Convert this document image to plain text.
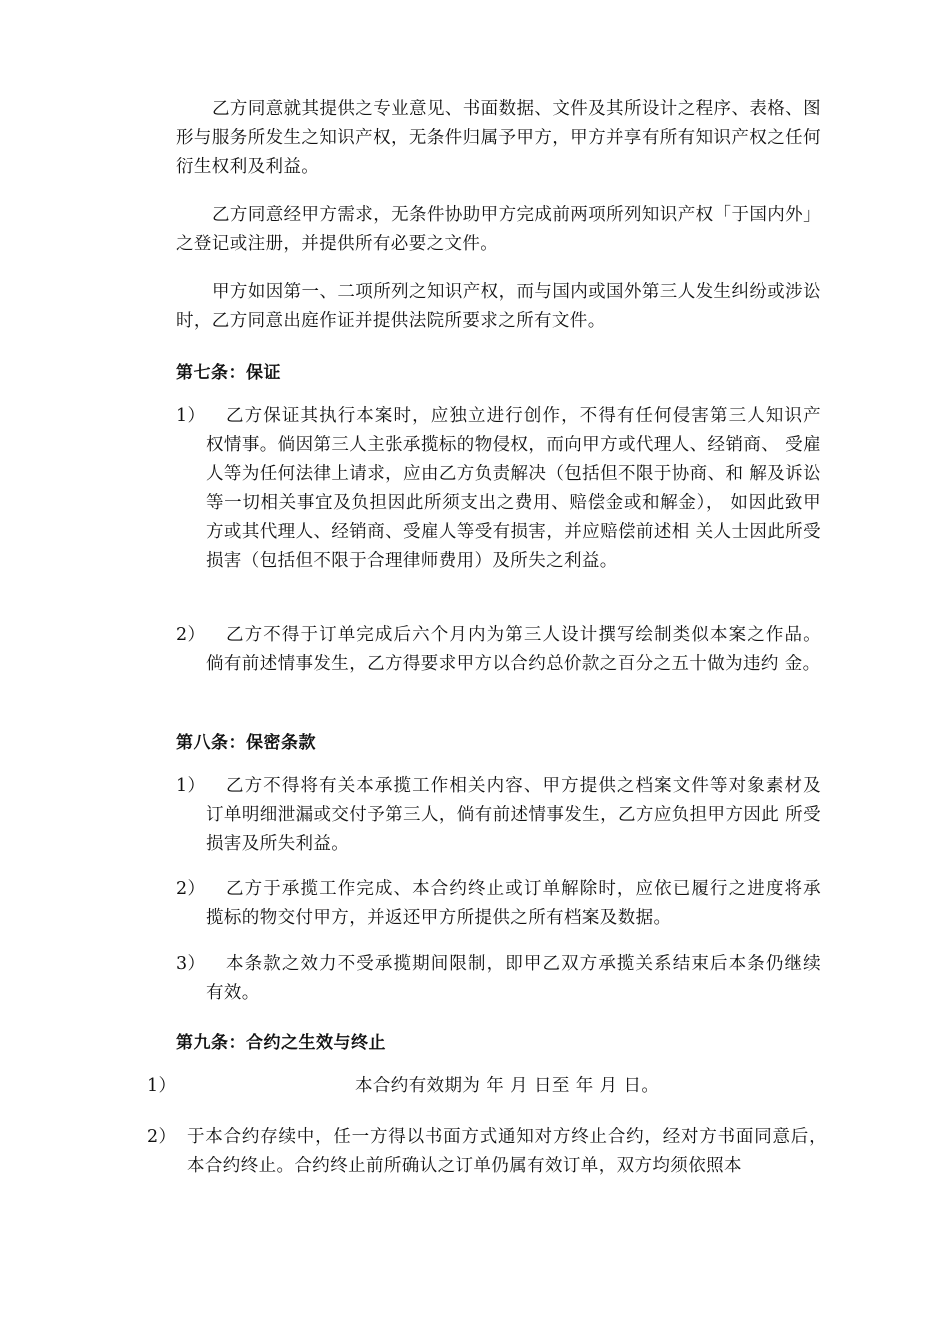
乙方同意就其提供之专业意见、书面数据、文件及其所设计之程序、表格、图形与服务所发生之知识产权，无条件归属予甲方，甲方并享有所有知识产权之任何衍生权利及利益。

乙方同意经甲方需求，无条件协助甲方完成前两项所列知识产权「于国内外」之登记或注册，并提供所有必要之文件。

甲方如因第一、二项所列之知识产权，而与国内或国外第三人发生纠纷或涉讼时，乙方同意出庭作证并提供法院所要求之所有文件。

第七条：保证
1）	乙方保证其执行本案时，应独立进行创作，不得有任何侵害第三人知识产 权情事。倘因第三人主张承揽标的物侵权，而向甲方或代理人、经销商、 受雇人等为任何法律上请求，应由乙方负责解决（包括但不限于协商、和 解及诉讼等一切相关事宜及负担因此所须支出之费用、赔偿金或和解金）， 如因此致甲方或其代理人、经销商、受雇人等受有损害，并应赔偿前述相 关人士因此所受损害（包括但不限于合理律师费用）及所失之利益。
2）	乙方不得于订单完成后六个月内为第三人设计撰写绘制类似本案之作品。 倘有前述情事发生，乙方得要求甲方以合约总价款之百分之五十做为违约 金。
第八条：保密条款
1）	乙方不得将有关本承揽工作相关内容、甲方提供之档案文件等对象素材及 订单明细泄漏或交付予第三人，倘有前述情事发生，乙方应负担甲方因此 所受损害及所失利益。
2）	乙方于承揽工作完成、本合约终止或订单解除时，应依已履行之进度将承 揽标的物交付甲方，并返还甲方所提供之所有档案及数据。
3）	本条款之效力不受承揽期间限制，即甲乙双方承揽关系结束后本条仍继续 有效。
第九条：合约之生效与终止
1）	本合约有效期为 年 月 日至 年 月 日。
2） 于本合约存续中，任一方得以书面方式通知对方终止合约，经对方书面同意后，本合约终止。合约终止前所确认之订单仍属有效订单，双方均须依照本
